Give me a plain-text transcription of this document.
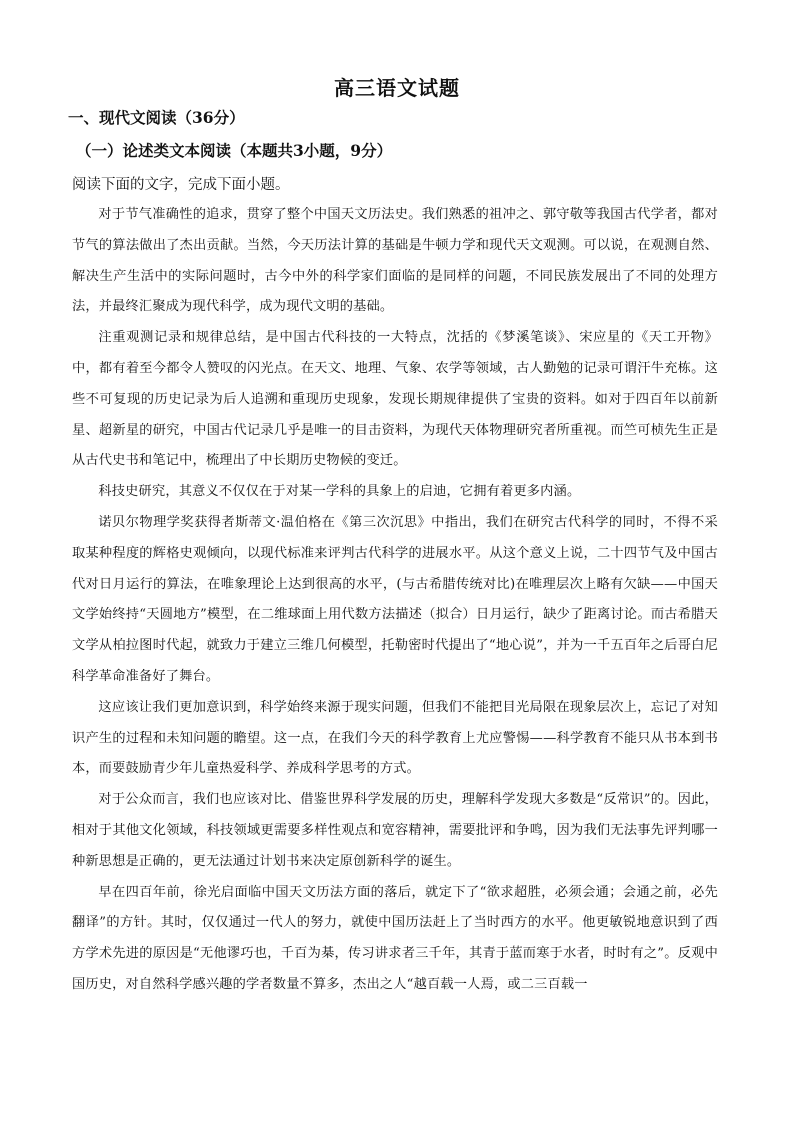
高三语文试题
一、现代文阅读（36分）
（一）论述类文本阅读（本题共3小题，9分）
阅读下面的文字，完成下面小题。

对于节气准确性的追求，贯穿了整个中国天文历法史。我们熟悉的祖冲之、郭守敬等我国古代学者，都对节气的算法做出了杰出贡献。当然，今天历法计算的基础是牛顿力学和现代天文观测。可以说，在观测自然、解决生产生活中的实际问题时，古今中外的科学家们面临的是同样的问题，不同民族发展出了不同的处理方法，并最终汇聚成为现代科学，成为现代文明的基础。

注重观测记录和规律总结，是中国古代科技的一大特点，沈括的《梦溪笔谈》、宋应星的《天工开物》中，都有着至今都令人赞叹的闪光点。在天文、地理、气象、农学等领域，古人勤勉的记录可谓汗牛充栋。这些不可复现的历史记录为后人追溯和重现历史现象，发现长期规律提供了宝贵的资料。如对于四百年以前新星、超新星的研究，中国古代记录几乎是唯一的目击资料，为现代天体物理研究者所重视。而竺可桢先生正是从古代史书和笔记中，梳理出了中长期历史物候的变迁。

科技史研究，其意义不仅仅在于对某一学科的具象上的启迪，它拥有着更多内涵。

诺贝尔物理学奖获得者斯蒂文·温伯格在《第三次沉思》中指出，我们在研究古代科学的同时，不得不采取某种程度的辉格史观倾向，以现代标准来评判古代科学的进展水平。从这个意义上说，二十四节气及中国古代对日月运行的算法，在唯象理论上达到很高的水平，(与古希腊传统对比)在唯理层次上略有欠缺——中国天文学始终持“天圆地方”模型，在二维球面上用代数方法描述（拟合）日月运行，缺少了距离讨论。而古希腊天文学从柏拉图时代起，就致力于建立三维几何模型，托勒密时代提出了“地心说”，并为一千五百年之后哥白尼科学革命准备好了舞台。

这应该让我们更加意识到，科学始终来源于现实问题，但我们不能把目光局限在现象层次上，忘记了对知识产生的过程和未知问题的瞻望。这一点，在我们今天的科学教育上尤应警惕——科学教育不能只从书本到书本，而要鼓励青少年儿童热爱科学、养成科学思考的方式。

对于公众而言，我们也应该对比、借鉴世界科学发展的历史，理解科学发现大多数是“反常识”的。因此，相对于其他文化领域，科技领域更需要多样性观点和宽容精神，需要批评和争鸣，因为我们无法事先评判哪一种新思想是正确的，更无法通过计划书来决定原创新科学的诞生。

早在四百年前，徐光启面临中国天文历法方面的落后，就定下了“欲求超胜，必须会通；会通之前，必先翻译”的方针。其时，仅仅通过一代人的努力，就使中国历法赶上了当时西方的水平。他更敏锐地意识到了西方学术先进的原因是“无他谬巧也，千百为棊，传习讲求者三千年，其青于蓝而寒于水者，时时有之”。反观中国历史，对自然科学感兴趣的学者数量不算多，杰出之人“越百载一人焉，或二三百载一
